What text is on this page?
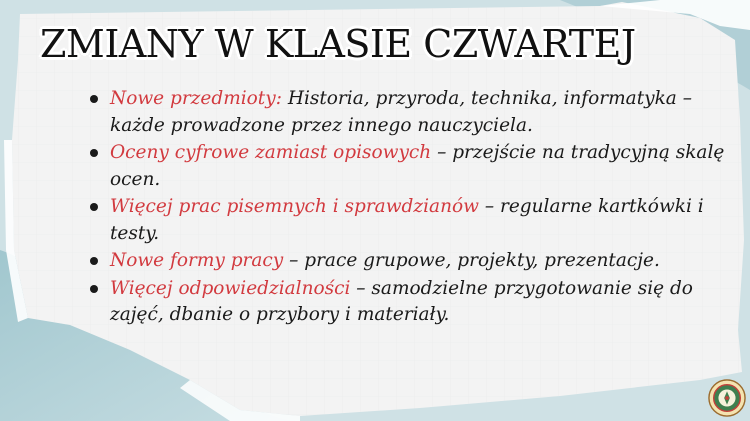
ZMIANY W KLASIE CZWARTEJ
Nowe przedmioty: Historia, przyroda, technika, informatyka – każde prowadzone przez innego nauczyciela.
Oceny cyfrowe zamiast opisowych – przejście na tradycyjną skalę ocen.
Więcej prac pisemnych i sprawdzianów – regularne kartkówki i testy.
Nowe formy pracy – prace grupowe, projekty, prezentacje.
Więcej odpowiedzialności – samodzielne przygotowanie się do zajęć, dbanie o przybory i materiały.
